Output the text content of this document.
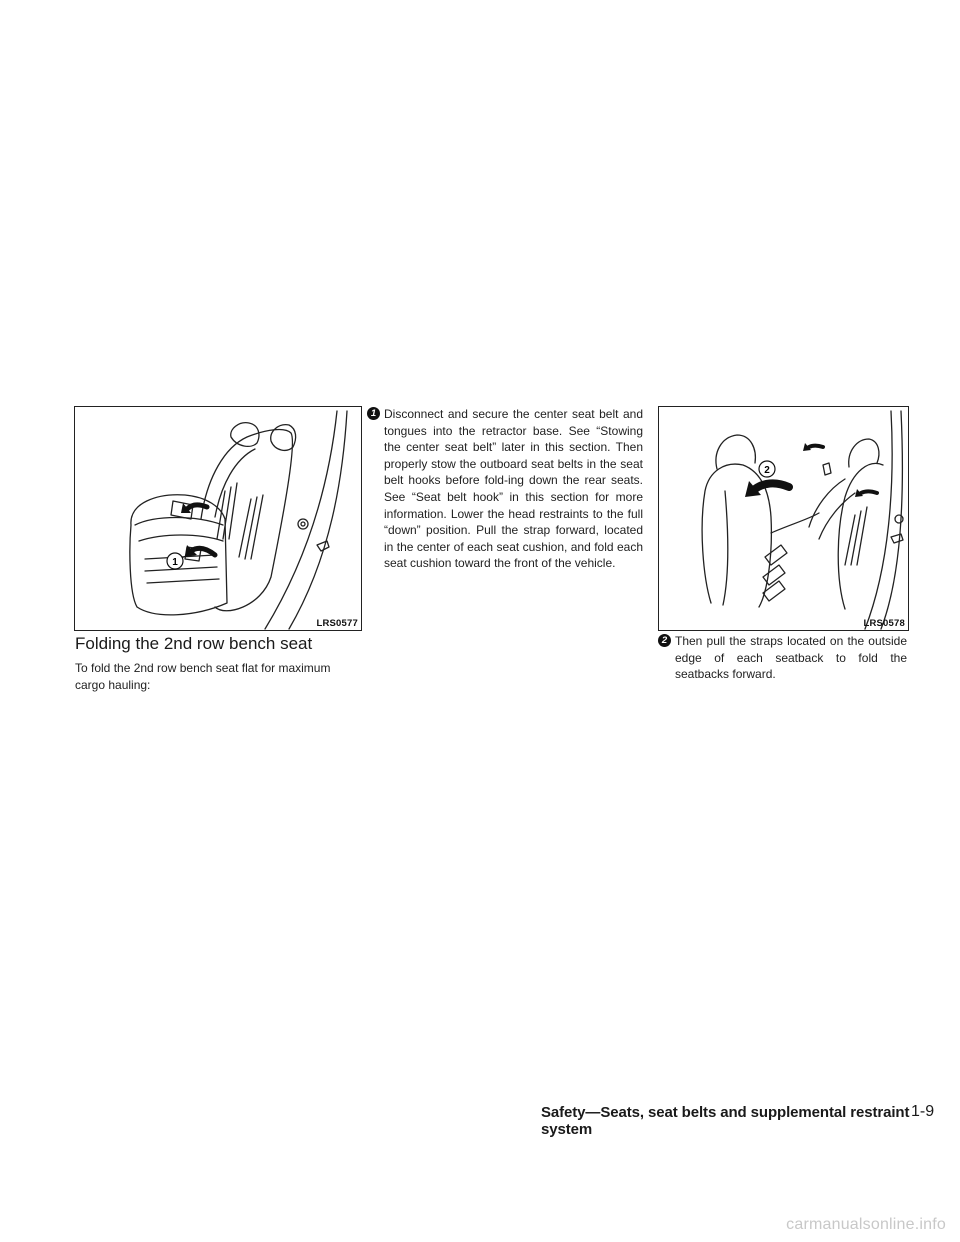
1
LRS0577
2
LRS0578
Folding the 2nd row bench seat

To fold the 2nd row bench seat flat for maximum cargo hauling:

1 Disconnect and secure the center seat belt and tongues into the retractor base. See “Stowing the center seat belt” later in this section. Then properly stow the outboard seat belts in the seat belt hooks before fold-ing down the rear seats. See “Seat belt hook” in this section for more information. Lower the head restraints to the full “down” position. Pull the strap forward, located in the center of each seat cushion, and fold each seat cushion toward the front of the vehicle.
2 Then pull the straps located on the outside edge of each seatback to fold the seatbacks forward.

Safety—Seats, seat belts and supplemental restraint system

1-9

carmanualsonline.info
